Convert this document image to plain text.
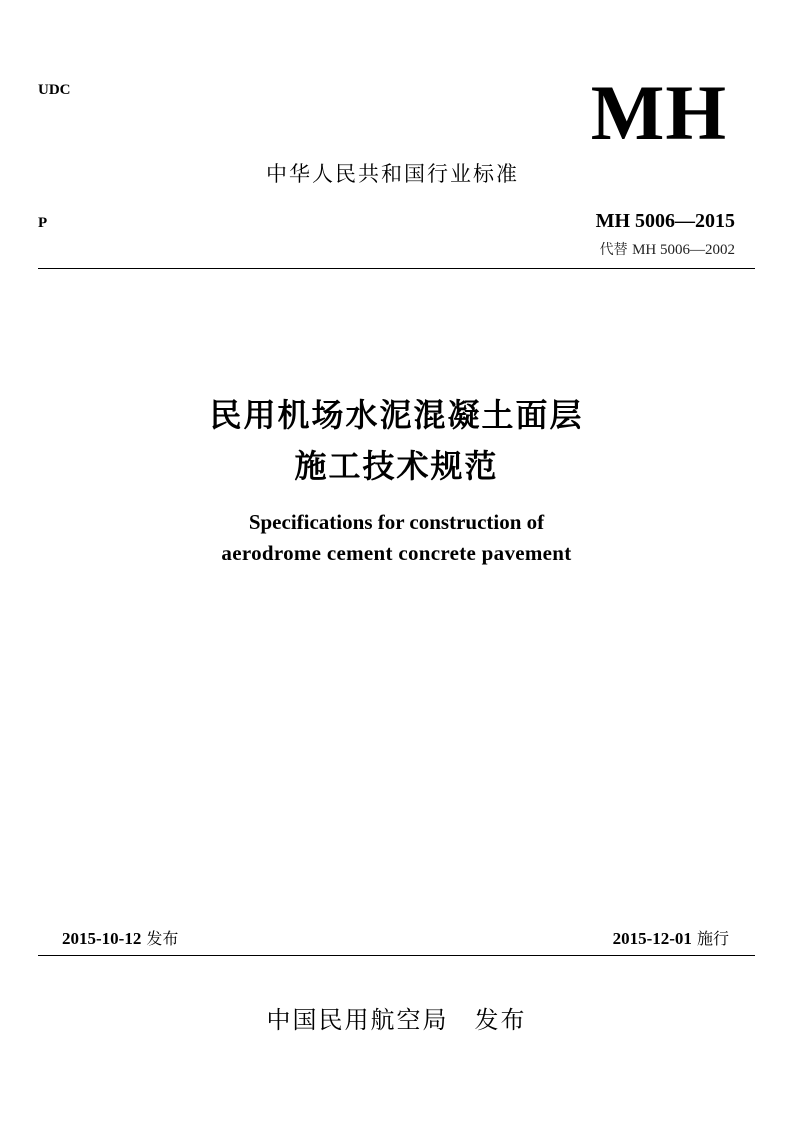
UDC	MH
中华人民共和国行业标准
P	MH 5006—2015
代替 MH 5006—2002
民用机场水泥混凝土面层
施工技术规范
Specifications for construction of
aerodrome cement concrete pavement
2015-10-12 发布	2015-12-01 施行
中国民用航空局 发布
